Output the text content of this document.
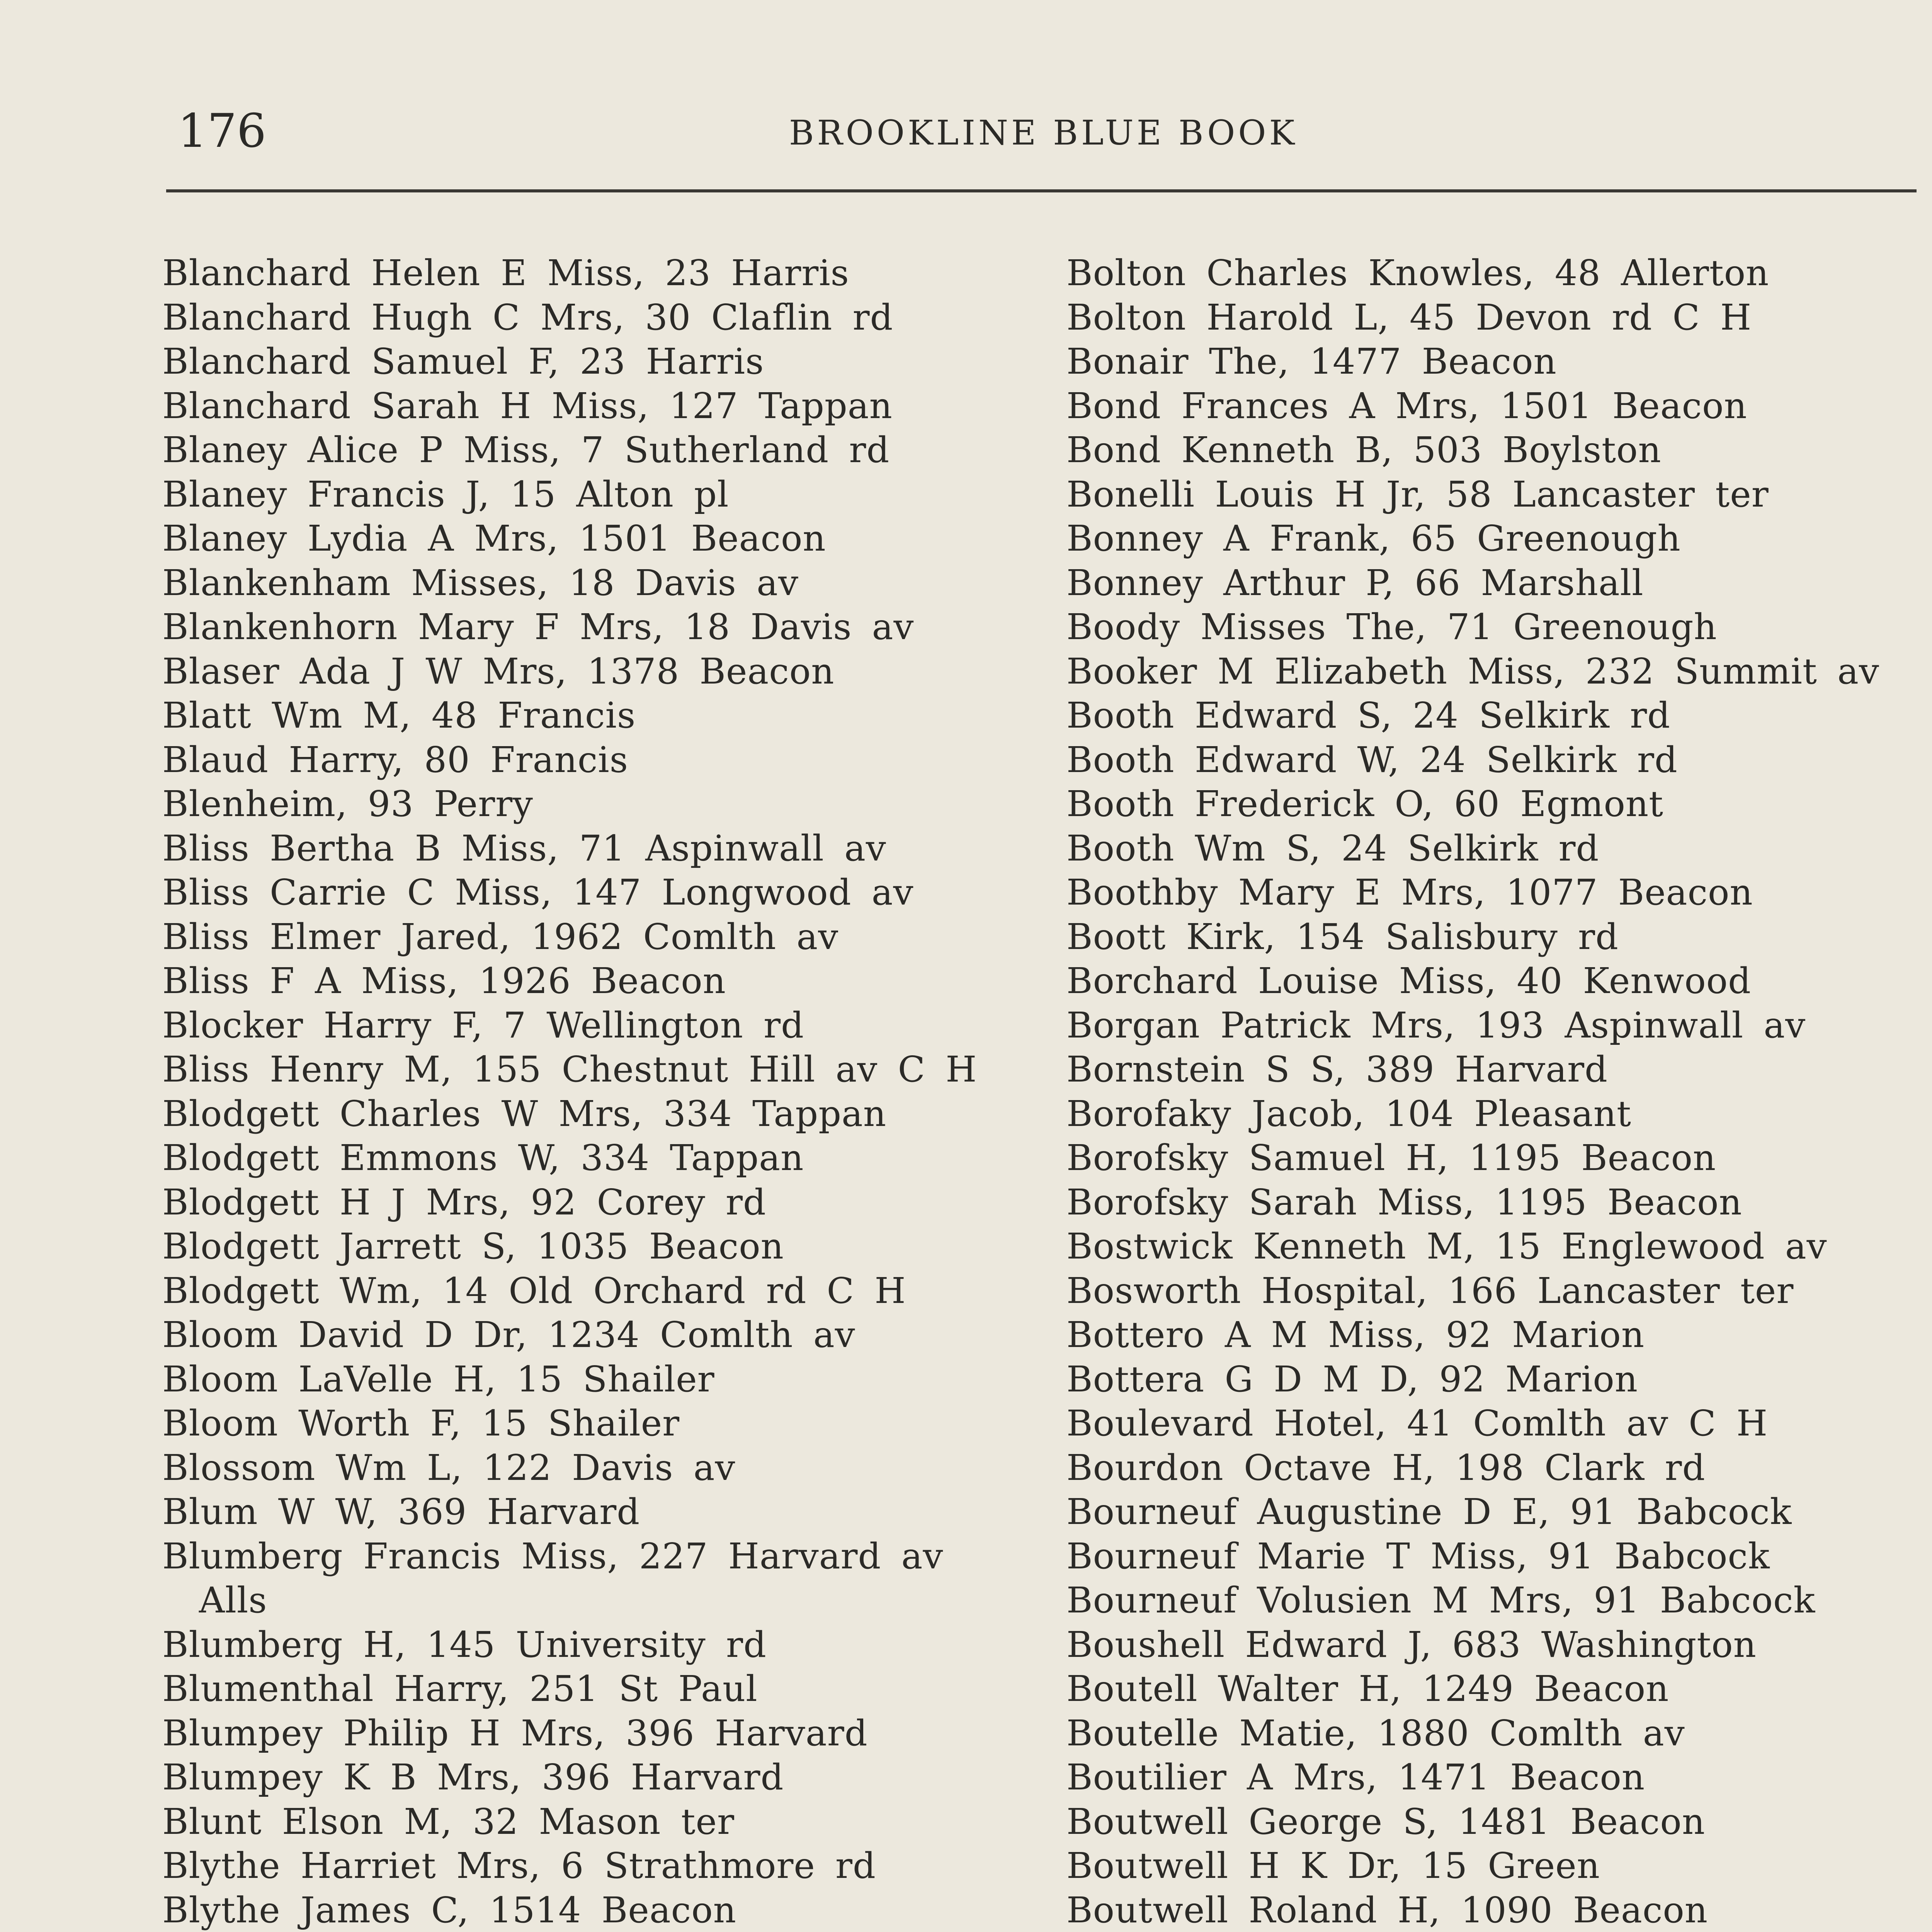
176	BROOKLINE BLUE BOOK
Blanchard Helen E Miss, 23 Harris
Blanchard Hugh C Mrs, 30 Claflin rd
Blanchard Samuel F, 23 Harris
Blanchard Sarah H Miss, 127 Tappan
Blaney Alice P Miss, 7 Sutherland rd
Blaney Francis J, 15 Alton pl
Blaney Lydia A Mrs, 1501 Beacon
Blankenham Misses, 18 Davis av
Blankenhorn Mary F Mrs, 18 Davis av
Blaser Ada J W Mrs, 1378 Beacon
Blatt Wm M, 48 Francis
Blaud Harry, 80 Francis
Blenheim, 93 Perry
Bliss Bertha B Miss, 71 Aspinwall av
Bliss Carrie C Miss, 147 Longwood av
Bliss Elmer Jared, 1962 Comlth av
Bliss F A Miss, 1926 Beacon
Blocker Harry F, 7 Wellington rd
Bliss Henry M, 155 Chestnut Hill av C H
Blodgett Charles W Mrs, 334 Tappan
Blodgett Emmons W, 334 Tappan
Blodgett H J Mrs, 92 Corey rd
Blodgett Jarrett S, 1035 Beacon
Blodgett Wm, 14 Old Orchard rd C H
Bloom David D Dr, 1234 Comlth av
Bloom LaVelle H, 15 Shailer
Bloom Worth F, 15 Shailer
Blossom Wm L, 122 Davis av
Blum W W, 369 Harvard
Blumberg Francis Miss, 227 Harvard av Alls
Blumberg H, 145 University rd
Blumenthal Harry, 251 St Paul
Blumpey Philip H Mrs, 396 Harvard
Blumpey K B Mrs, 396 Harvard
Blunt Elson M, 32 Mason ter
Blythe Harriet Mrs, 6 Strathmore rd
Blythe James C, 1514 Beacon
Bolton Charles Knowles, 48 Allerton
Bolton Harold L, 45 Devon rd C H
Bonair The, 1477 Beacon
Bond Frances A Mrs, 1501 Beacon
Bond Kenneth B, 503 Boylston
Bonelli Louis H Jr, 58 Lancaster ter
Bonney A Frank, 65 Greenough
Bonney Arthur P, 66 Marshall
Boody Misses The, 71 Greenough
Booker M Elizabeth Miss, 232 Summit av
Booth Edward S, 24 Selkirk rd
Booth Edward W, 24 Selkirk rd
Booth Frederick O, 60 Egmont
Booth Wm S, 24 Selkirk rd
Boothby Mary E Mrs, 1077 Beacon
Boott Kirk, 154 Salisbury rd
Borchard Louise Miss, 40 Kenwood
Borgan Patrick Mrs, 193 Aspinwall av
Bornstein S S, 389 Harvard
Borofaky Jacob, 104 Pleasant
Borofsky Samuel H, 1195 Beacon
Borofsky Sarah Miss, 1195 Beacon
Bostwick Kenneth M, 15 Englewood av
Bosworth Hospital, 166 Lancaster ter
Bottero A M Miss, 92 Marion
Bottera G D M D, 92 Marion
Boulevard Hotel, 41 Comlth av C H
Bourdon Octave H, 198 Clark rd
Bourneuf Augustine D E, 91 Babcock
Bourneuf Marie T Miss, 91 Babcock
Bourneuf Volusien M Mrs, 91 Babcock
Boushell Edward J, 683 Washington
Boutell Walter H, 1249 Beacon
Boutelle Matie, 1880 Comlth av
Boutilier A Mrs, 1471 Beacon
Boutwell George S, 1481 Beacon
Boutwell H K Dr, 15 Green
Boutwell Roland H, 1090 Beacon
